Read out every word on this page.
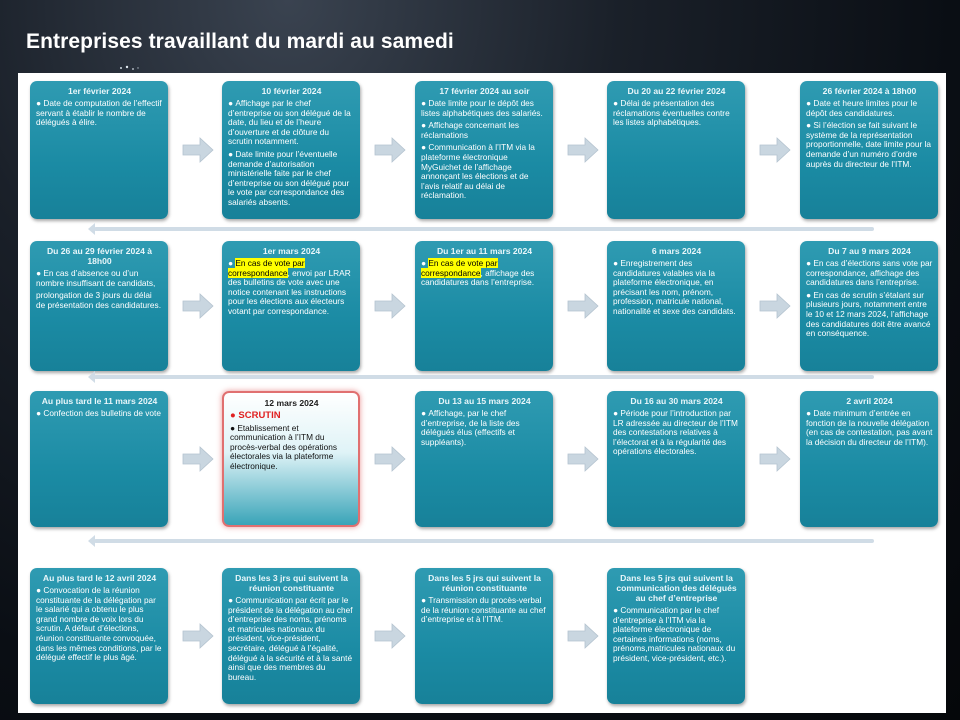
Entreprises travaillant du mardi au samedi
1er février 2024
● Date de computation de l’effectif servant à établir le nombre de délégués à élire.
10 février 2024
● Affichage par le chef d’entreprise ou son délégué de la date, du lieu et de l’heure d’ouverture et de clôture du scrutin notamment.
● Date limite pour l’éventuelle demande d’autorisation ministérielle faite par le chef d’entreprise ou son délégué pour le vote par correspondance des salariés absents.
17 février 2024 au soir
● Date limite pour le dépôt des listes alphabétiques des salariés.
● Affichage concernant les réclamations
● Communication à l’ITM via la plateforme électronique MyGuichet de l’affichage annonçant les élections et de l’avis relatif au délai de réclamation.
Du 20 au 22 février 2024
● Délai de présentation des réclamations éventuelles contre les listes alphabétiques.
26 février 2024 à 18h00
● Date et heure limites pour le dépôt des candidatures.
● Si l’élection se fait suivant le système de la représentation proportionnelle, date limite pour la demande d’un numéro d’ordre auprès du directeur de l’ITM.
Du 26 au 29 février 2024 à 18h00
● En cas d’absence ou d’un nombre insuffisant de candidats,
prolongation de 3 jours du délai de présentation des candidatures.
1er mars 2024
● En cas de vote par correspondance, envoi par LRAR des bulletins de vote avec une notice contenant les instructions pour les élections aux électeurs votant par correspondance.
Du 1er au 11 mars 2024
● En cas de vote par correspondance, affichage des candidatures dans l’entreprise.
6 mars 2024
● Enregistrement des candidatures valables via la plateforme électronique, en précisant les nom, prénom, profession, matricule national, nationalité et sexe des candidats.
Du 7 au 9 mars 2024
● En cas d’élections sans vote par correspondance, affichage des candidatures dans l’entreprise.
● En cas de scrutin s’étalant sur plusieurs jours, notamment entre le 10 et 12 mars 2024, l’affichage des candidatures doit être avancé en conséquence.
Au plus tard le 11 mars 2024
● Confection des bulletins de vote
12 mars 2024
● SCRUTIN
● Etablissement et communication à l’ITM du procès-verbal des opérations électorales via la plateforme électronique.
Du 13 au 15 mars 2024
● Affichage, par le chef d’entreprise, de la liste des délégués élus (effectifs et suppléants).
Du 16 au 30 mars 2024
● Période pour l’introduction par LR adressée au directeur de l’ITM des contestations relatives à l’électorat et à la régularité des opérations électorales.
2 avril 2024
● Date minimum d’entrée en fonction de la nouvelle délégation (en cas de contestation, pas avant la décision du directeur de l’ITM).
Au plus tard le 12 avril 2024
● Convocation de la réunion constituante de la délégation par le salarié qui a obtenu le plus grand nombre de voix lors du scrutin. A défaut d’élections, réunion constituante convoquée, dans les mêmes conditions, par le délégué effectif le plus âgé.
Dans les 3 jrs qui suivent la réunion constituante
● Communication par écrit par le président de la délégation au chef d’entreprise des noms, prénoms et matricules nationaux du président, vice-président, secrétaire, délégué à l’égalité, délégué à la sécurité et à la santé ainsi que des membres du bureau.
Dans les 5 jrs qui suivent la réunion constituante
● Transmission du procès-verbal de la réunion constituante au chef d’entreprise et à l’ITM.
Dans les 5 jrs qui suivent la communication des délégués au chef d’entreprise
● Communication par le chef d’entreprise à l’ITM via la plateforme électronique de certaines informations (noms, prénoms,matricules nationaux du président, vice-président, etc.).
